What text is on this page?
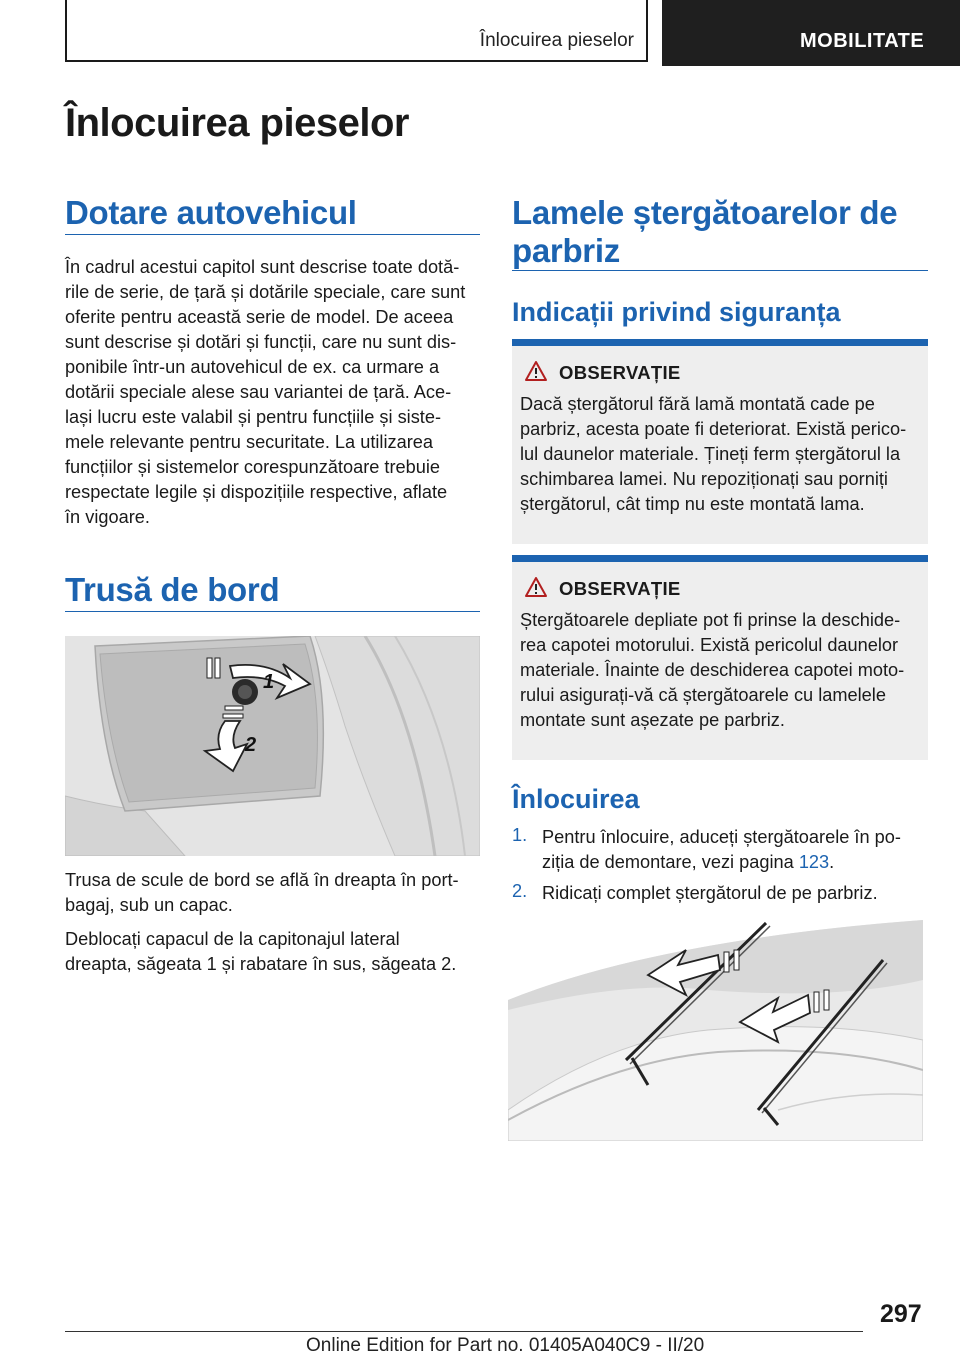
Înlocuirea pieselor	MOBILITATE
Înlocuirea pieselor
Dotare autovehicul
În cadrul acestui capitol sunt descrise toate dotă-
rile de serie, de țară și dotările speciale, care sunt
oferite pentru această serie de model. De aceea
sunt descrise și dotări și funcții, care nu sunt dis-
ponibile într-un autovehicul de ex. ca urmare a
dotării speciale alese sau variantei de țară. Ace-
lași lucru este valabil și pentru funcțiile și siste-
mele relevante pentru securitate. La utilizarea
funcțiilor și sistemelor corespunzătoare trebuie
respectate legile și dispozițiile respective, aflate
în vigoare.
Trusă de bord
1
2
Trusa de scule de bord se află în dreapta în port-
bagaj, sub un capac.
Deblocați capacul de la capitonajul lateral
dreapta, săgeata 1 și rabatare în sus, săgeata 2.
Lamele ștergătoarelor de
parbriz
Indicații privind siguranța
OBSERVAȚIE
Dacă ștergătorul fără lamă montată cade pe
parbriz, acesta poate fi deteriorat. Există perico-
lul daunelor materiale. Țineți ferm ștergătorul la
schimbarea lamei. Nu repoziționați sau porniți
ștergătorul, cât timp nu este montată lama.
OBSERVAȚIE
Ștergătoarele depliate pot fi prinse la deschide-
rea capotei motorului. Există pericolul daunelor
materiale. Înainte de deschiderea capotei moto-
rului asigurați-vă că ștergătoarele cu lamelele
montate sunt așezate pe parbriz.
Înlocuirea
1. Pentru înlocuire, aduceți ștergătoarele în po-
ziția de demontare, vezi pagina 123.
2. Ridicați complet ștergătorul de pe parbriz.
297
Online Edition for Part no. 01405A040C9 - II/20
